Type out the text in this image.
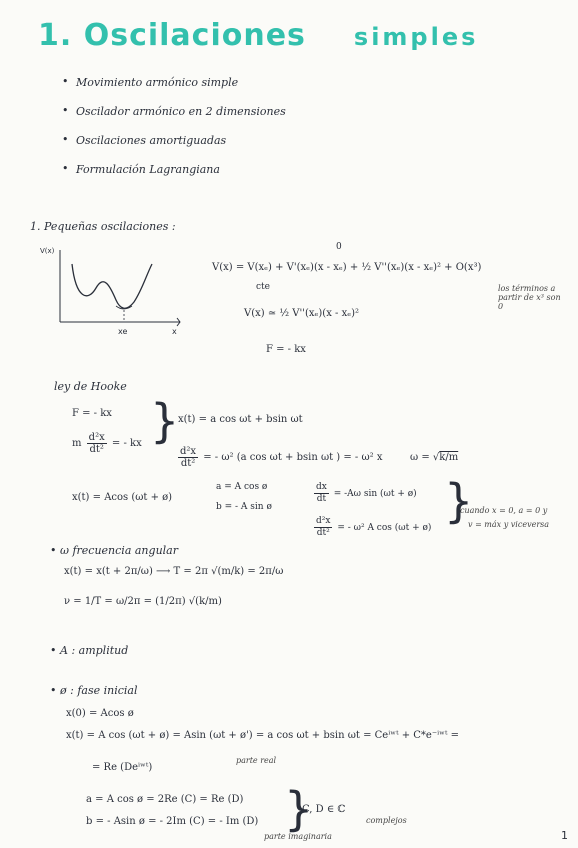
1. Oscilaciones simples
• Movimiento armónico simple
• Oscilador armónico en 2 dimensiones
• Oscilaciones amortiguadas
• Formulación Lagrangiana
1. Pequeñas oscilaciones :
V(x)
x
xe
V(x) = V(xₑ) + V'(xₑ)(x - xₑ) + ½ V''(xₑ)(x - xₑ)² + O(x³)
cte
0
los términos a partir de x³ son 0
V(x) ≃ ½ V''(xₑ)(x - xₑ)²
F = - kx
ley de Hooke
F = - kx
m $\frac{\text{d²x}}{\text{dt²}}$ = - kx }
x(t) = a cos ωt + bsin ωt
$\frac{\text{d²x}}{\text{dt²}}$ = - ω² (a cos ωt + bsin ωt ) = - ω² x	ω = √k/m
x(t) = Acos (ωt + ø)
a = A cos ø
b = - A sin ø
$\frac{dx}{dt} = -A\omega$ sin (ωt + ø)
$\frac{\text{d²x}}{\text{dt²}}$ = - ω² A cos (ωt + ø) }
cuando x = 0, a = 0 y
v = máx y viceversa
• ω frecuencia angular
x(t) = x(t + 2π/ω) ⟶ T = 2π √(m/k) = 2π/ω
ν = 1/T = ω/2π = (1/2π) √(k/m)
• A : amplitud
• ø : fase inicial
x(0) = Acos ø
x(t) = A cos (ωt + ø) = Asin (ωt + ø') = a cos ωt + bsin ωt = Ceⁱʷᵗ + C*e⁻ⁱʷᵗ =
= Re (Deⁱʷᵗ)
parte real
a = A cos ø = 2Re (C) = Re (D)
b = - Asin ø = - 2Im (C) = - Im (D)
parte imaginaria
}
C, D ∈ ℂ
complejos
1
